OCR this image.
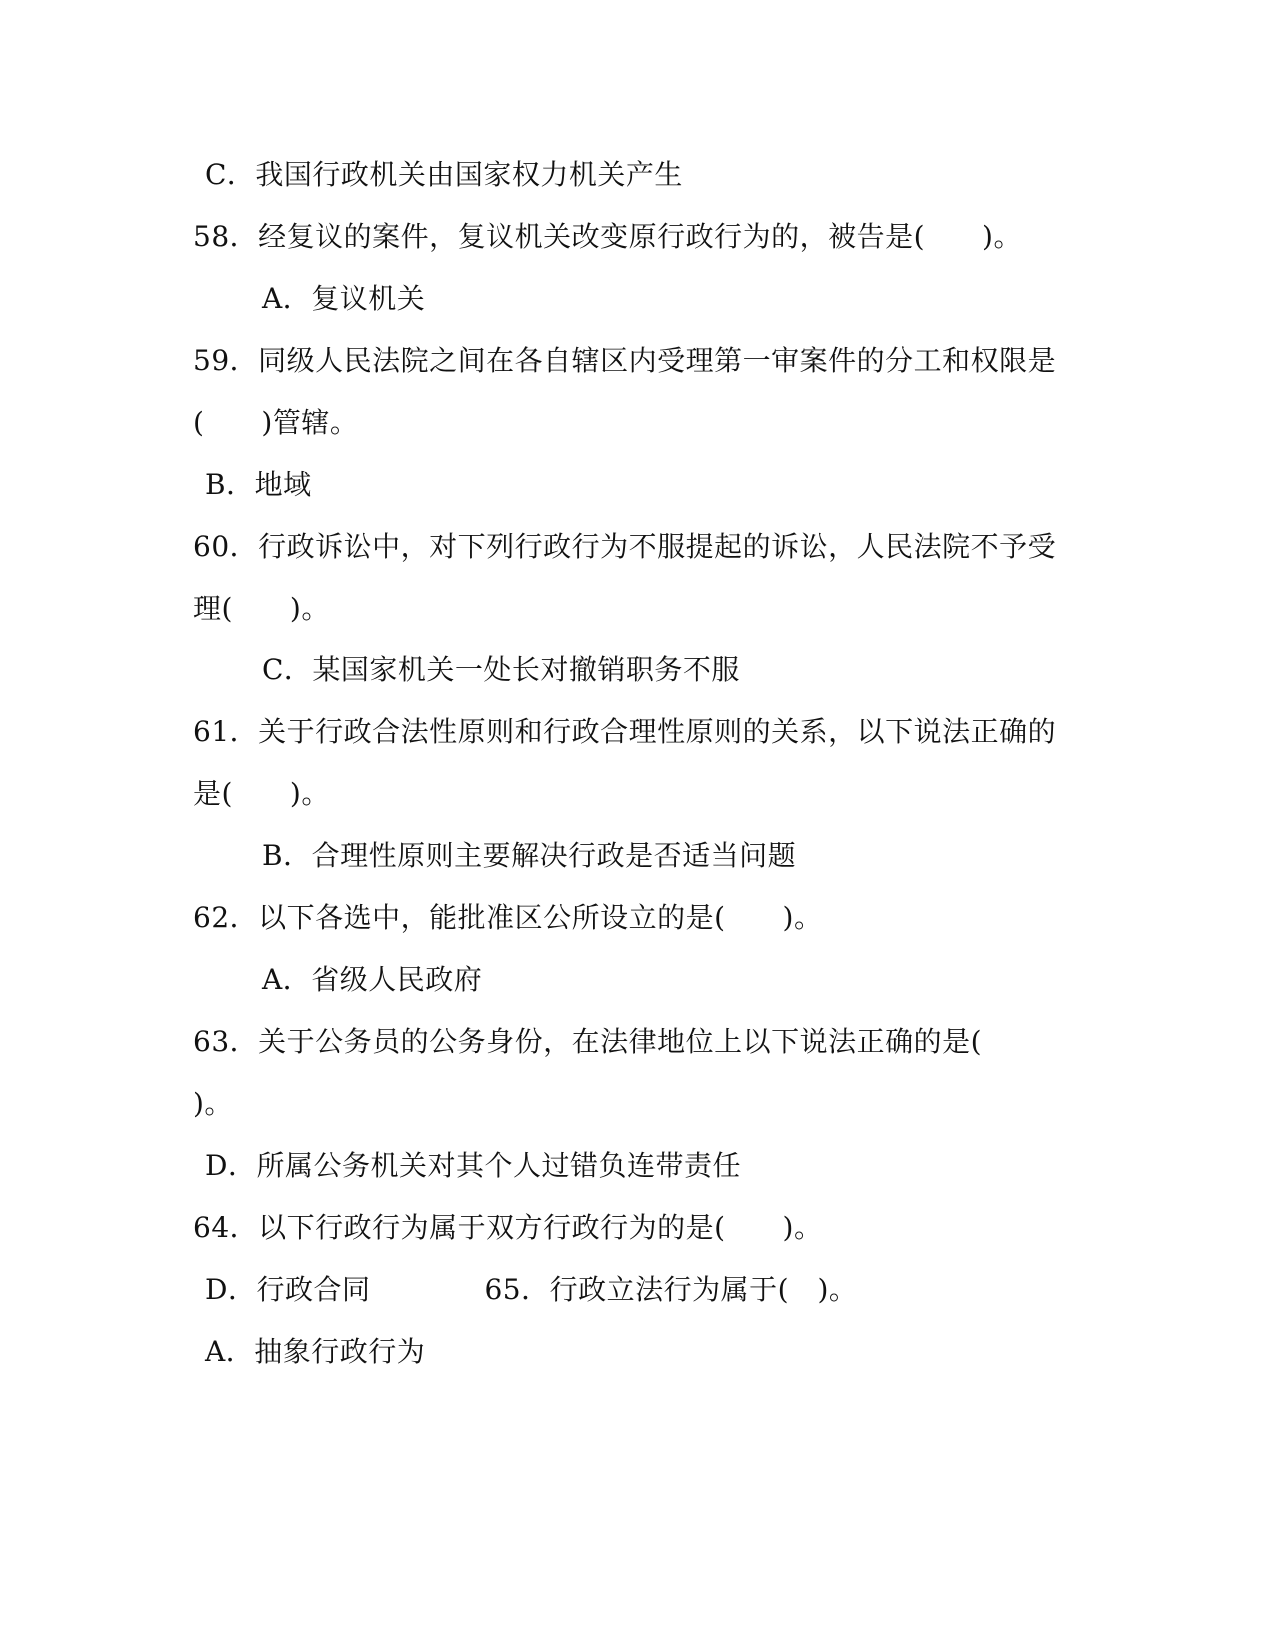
C．我国行政机关由国家权力机关产生
58．经复议的案件，复议机关改变原行政行为的，被告是(　　)。
A．复议机关
59．同级人民法院之间在各自辖区内受理第一审案件的分工和权限是
(　　)管辖。
B．地域
60．行政诉讼中，对下列行政行为不服提起的诉讼，人民法院不予受
理(　　)。
C．某国家机关一处长对撤销职务不服
61．关于行政合法性原则和行政合理性原则的关系，以下说法正确的
是(　　)。
B．合理性原则主要解决行政是否适当问题
62．以下各选中，能批准区公所设立的是(　　)。
A．省级人民政府
63．关于公务员的公务身份，在法律地位上以下说法正确的是(
)。
D．所属公务机关对其个人过错负连带责任
64．以下行政行为属于双方行政行为的是(　　)。
D．行政合同　　　　65．行政立法行为属于(　)。
A．抽象行政行为
